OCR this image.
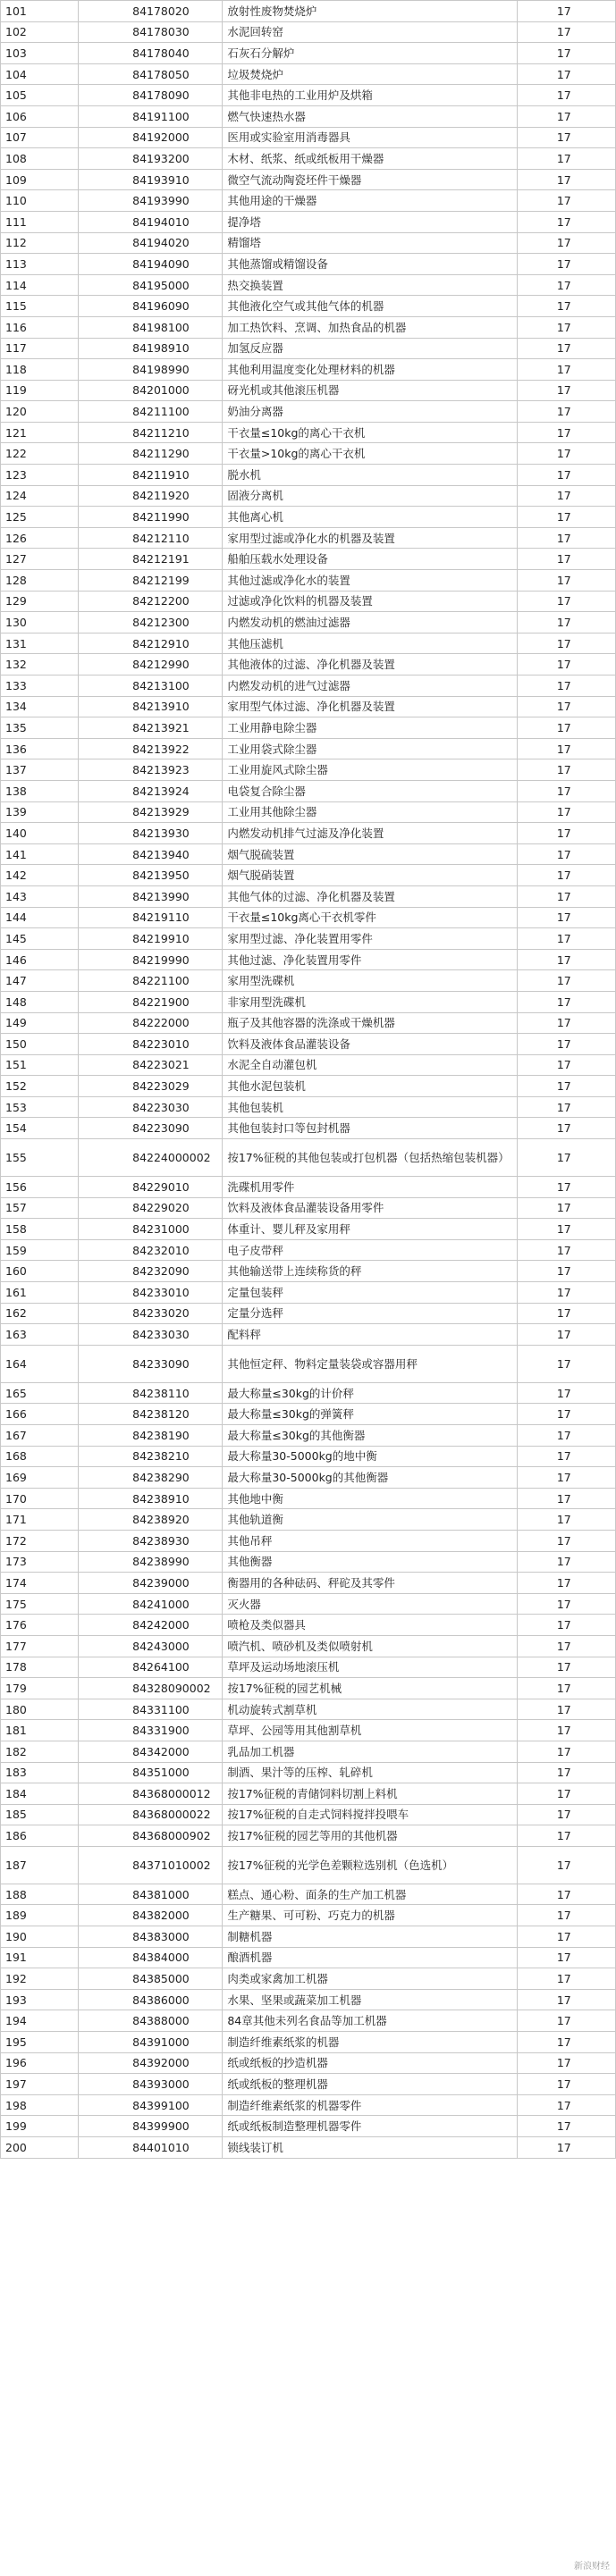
101	84178020	放射性废物焚烧炉	17
102	84178030	水泥回转窑	17
103	84178040	石灰石分解炉	17
104	84178050	垃圾焚烧炉	17
105	84178090	其他非电热的工业用炉及烘箱	17
106	84191100	燃气快速热水器	17
107	84192000	医用或实验室用消毒器具	17
108	84193200	木材、纸浆、纸或纸板用干燥器	17
109	84193910	微空气流动陶瓷坯件干燥器	17
110	84193990	其他用途的干燥器	17
111	84194010	提净塔	17
112	84194020	精馏塔	17
113	84194090	其他蒸馏或精馏设备	17
114	84195000	热交换装置	17
115	84196090	其他液化空气或其他气体的机器	17
116	84198100	加工热饮料、烹调、加热食品的机器	17
117	84198910	加氢反应器	17
118	84198990	其他利用温度变化处理材料的机器	17
119	84201000	砑光机或其他滚压机器	17
120	84211100	奶油分离器	17
121	84211210	干衣量≤10kg的离心干衣机	17
122	84211290	干衣量>10kg的离心干衣机	17
123	84211910	脱水机	17
124	84211920	固液分离机	17
125	84211990	其他离心机	17
126	84212110	家用型过滤或净化水的机器及装置	17
127	84212191	船舶压载水处理设备	17
128	84212199	其他过滤或净化水的装置	17
129	84212200	过滤或净化饮料的机器及装置	17
130	84212300	内燃发动机的燃油过滤器	17
131	84212910	其他压滤机	17
132	84212990	其他液体的过滤、净化机器及装置	17
133	84213100	内燃发动机的进气过滤器	17
134	84213910	家用型气体过滤、净化机器及装置	17
135	84213921	工业用静电除尘器	17
136	84213922	工业用袋式除尘器	17
137	84213923	工业用旋风式除尘器	17
138	84213924	电袋复合除尘器	17
139	84213929	工业用其他除尘器	17
140	84213930	内燃发动机排气过滤及净化装置	17
141	84213940	烟气脱硫装置	17
142	84213950	烟气脱硝装置	17
143	84213990	其他气体的过滤、净化机器及装置	17
144	84219110	干衣量≤10kg离心干衣机零件	17
145	84219910	家用型过滤、净化装置用零件	17
146	84219990	其他过滤、净化装置用零件	17
147	84221100	家用型洗碟机	17
148	84221900	非家用型洗碟机	17
149	84222000	瓶子及其他容器的洗涤或干燥机器	17
150	84223010	饮料及液体食品灌装设备	17
151	84223021	水泥全自动灌包机	17
152	84223029	其他水泥包装机	17
153	84223030	其他包装机	17
154	84223090	其他包装封口等包封机器	17
155	84224000002	按17%征税的其他包装或打包机器（包括热缩包装机器）	17
156	84229010	洗碟机用零件	17
157	84229020	饮料及液体食品灌装设备用零件	17
158	84231000	体重计、婴儿秤及家用秤	17
159	84232010	电子皮带秤	17
160	84232090	其他输送带上连续称货的秤	17
161	84233010	定量包装秤	17
162	84233020	定量分选秤	17
163	84233030	配料秤	17
164	84233090	其他恒定秤、物料定量装袋或容器用秤	17
165	84238110	最大称量≤30kg的计价秤	17
166	84238120	最大称量≤30kg的弹簧秤	17
167	84238190	最大称量≤30kg的其他衡器	17
168	84238210	最大称量30-5000kg的地中衡	17
169	84238290	最大称量30-5000kg的其他衡器	17
170	84238910	其他地中衡	17
171	84238920	其他轨道衡	17
172	84238930	其他吊秤	17
173	84238990	其他衡器	17
174	84239000	衡器用的各种砝码、秤砣及其零件	17
175	84241000	灭火器	17
176	84242000	喷枪及类似器具	17
177	84243000	喷汽机、喷砂机及类似喷射机	17
178	84264100	草坪及运动场地滚压机	17
179	84328090002	按17%征税的园艺机械	17
180	84331100	机动旋转式割草机	17
181	84331900	草坪、公园等用其他割草机	17
182	84342000	乳品加工机器	17
183	84351000	制酒、果汁等的压榨、轧碎机	17
184	84368000012	按17%征税的青储饲料切割上料机	17
185	84368000022	按17%征税的自走式饲料搅拌投喂车	17
186	84368000902	按17%征税的园艺等用的其他机器	17
187	84371010002	按17%征税的光学色差颗粒选别机（色选机）	17
188	84381000	糕点、通心粉、面条的生产加工机器	17
189	84382000	生产糖果、可可粉、巧克力的机器	17
190	84383000	制糖机器	17
191	84384000	酿酒机器	17
192	84385000	肉类或家禽加工机器	17
193	84386000	水果、坚果或蔬菜加工机器	17
194	84388000	84章其他未列名食品等加工机器	17
195	84391000	制造纤维素纸浆的机器	17
196	84392000	纸或纸板的抄造机器	17
197	84393000	纸或纸板的整理机器	17
198	84399100	制造纤维素纸浆的机器零件	17
199	84399900	纸或纸板制造整理机器零件	17
200	84401010	锁线装订机	17
新浪财经
